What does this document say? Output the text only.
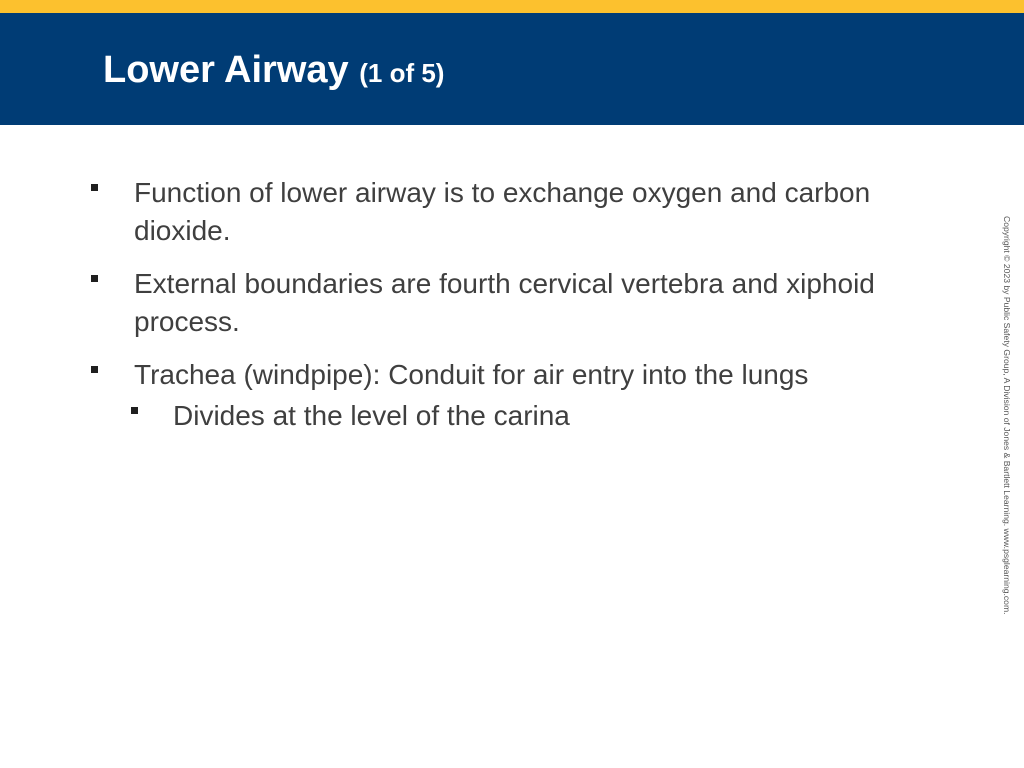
Lower Airway (1 of 5)
Function of lower airway is to exchange oxygen and carbon dioxide.
External boundaries are fourth cervical vertebra and xiphoid process.
Trachea (windpipe): Conduit for air entry into the lungs
Divides at the level of the carina	Copyright © 2023 by Public Safety Group, A Division of Jones & Bartlett Learning. www.psglearning.com.
